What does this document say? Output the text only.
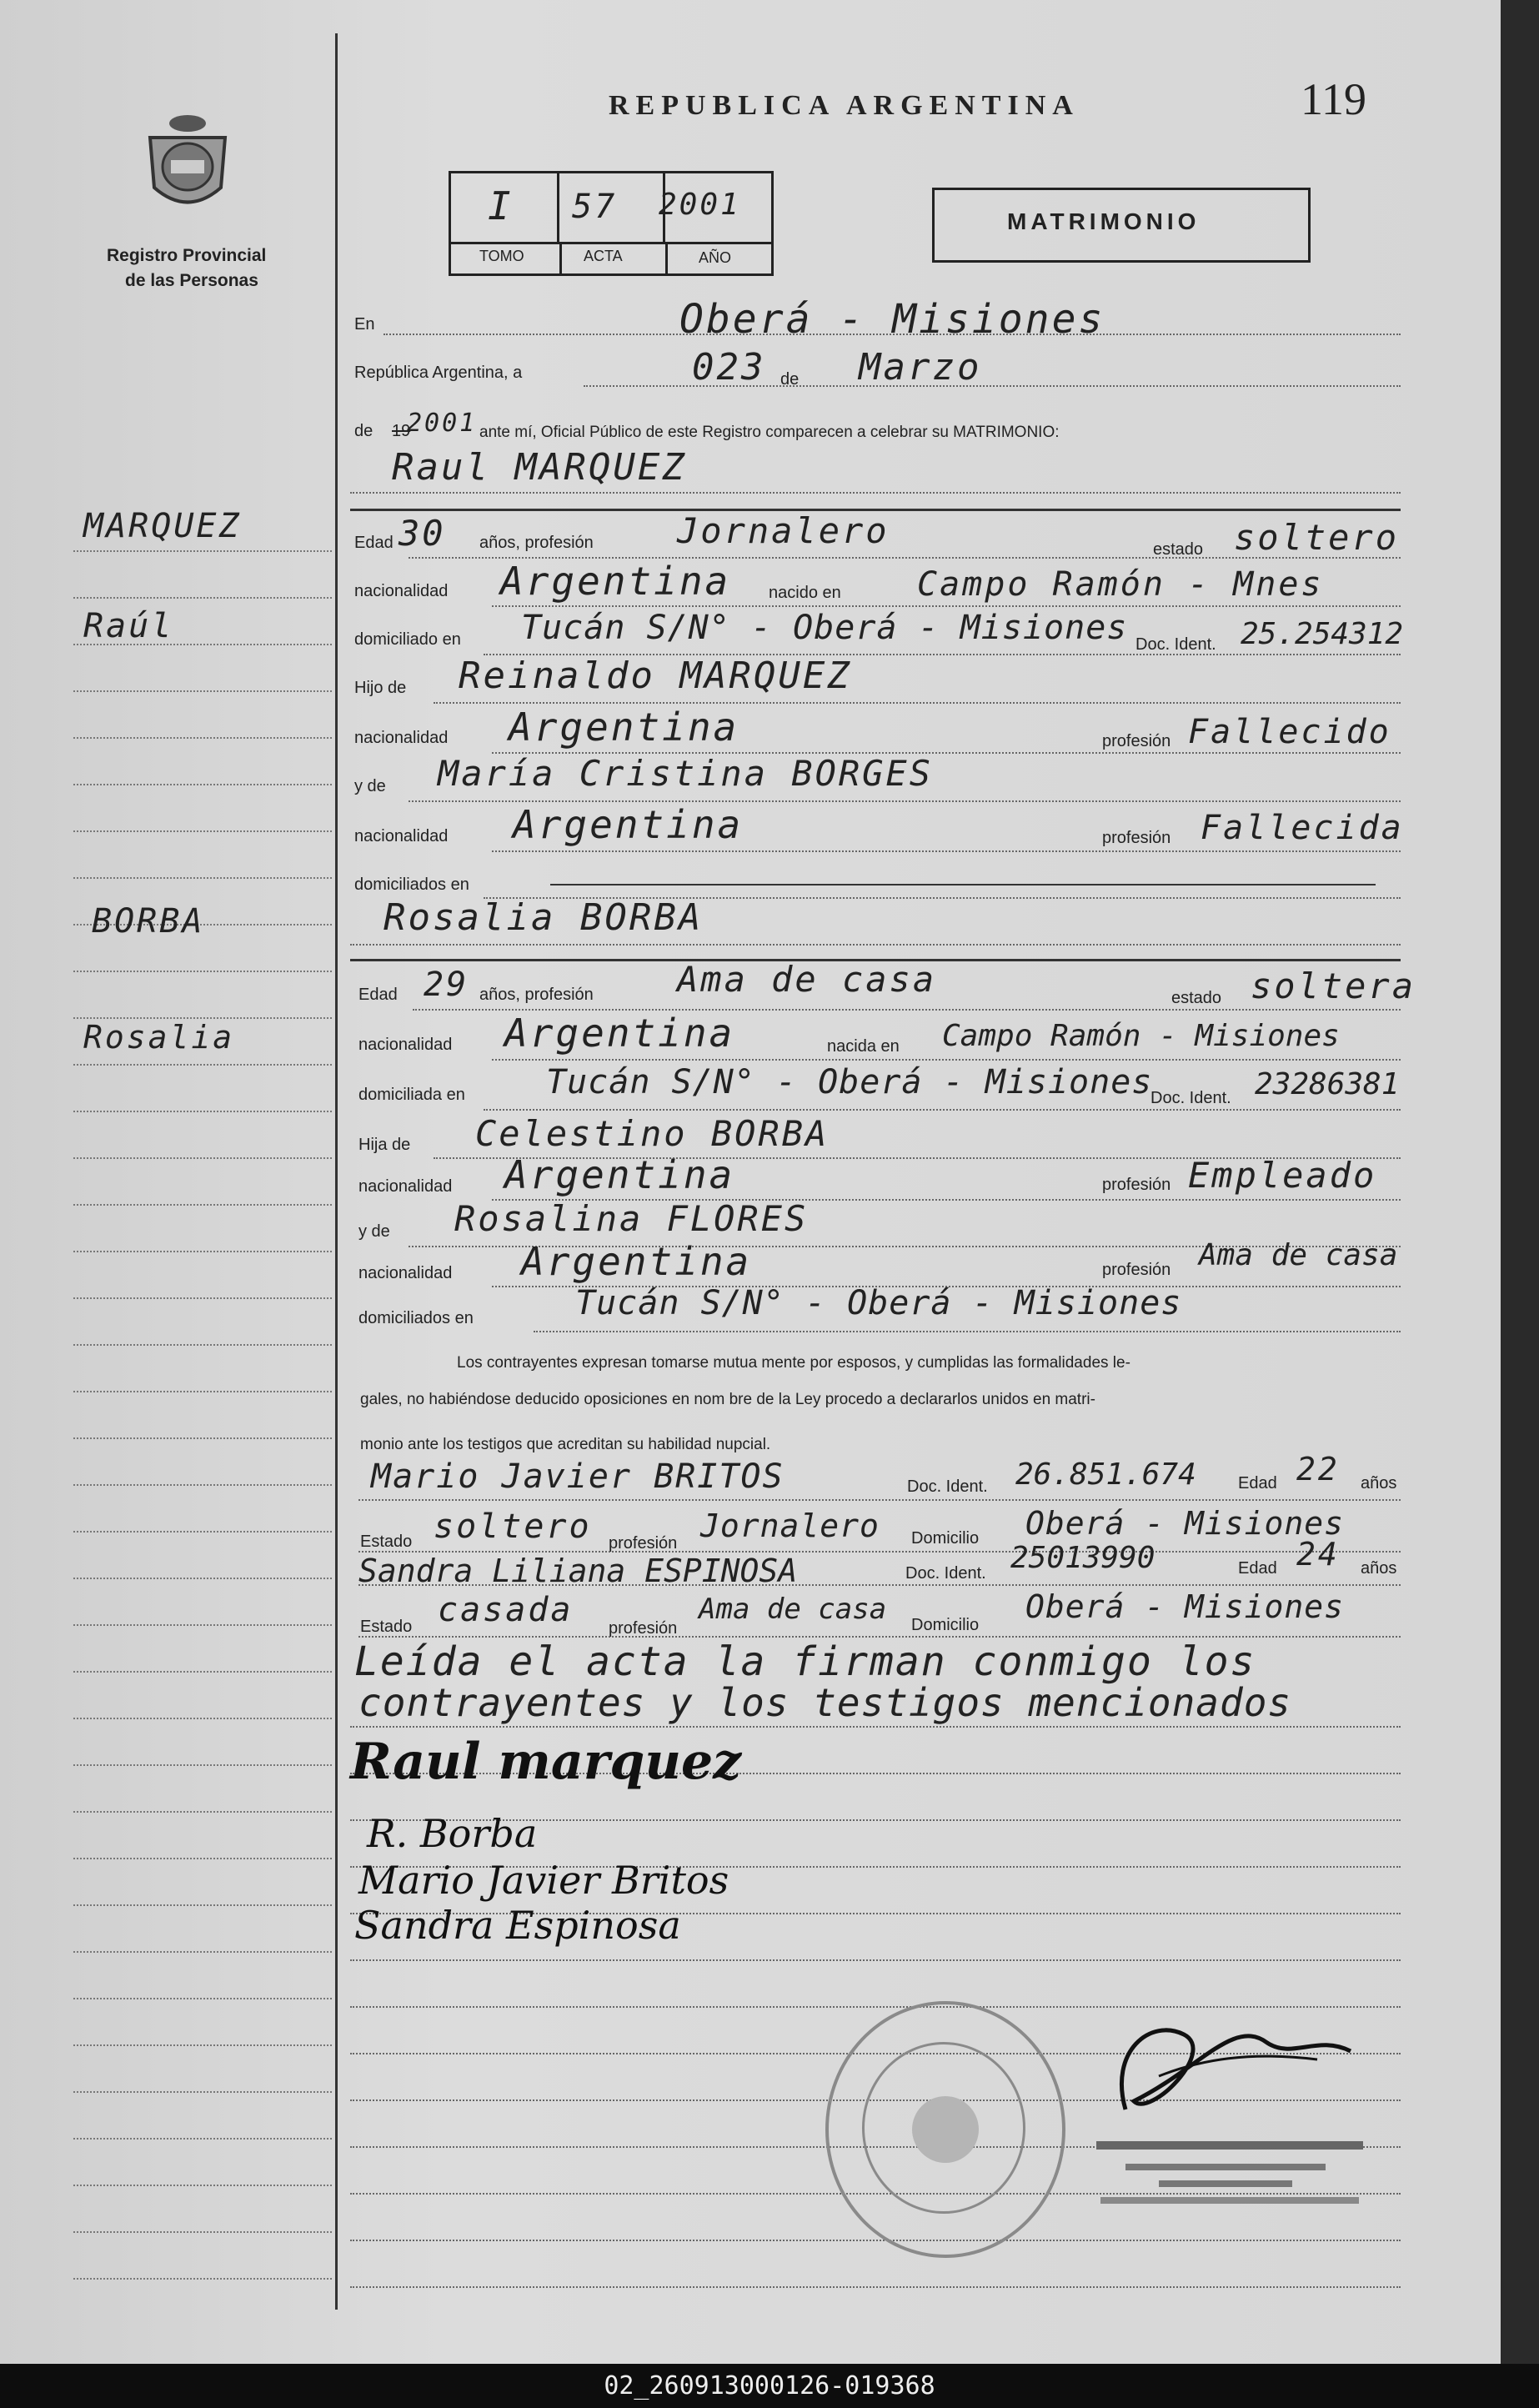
Registro Provincial
de las Personas
REPUBLICA ARGENTINA	119
I 57 2001
TOMO	ACTA	AÑO
MATRIMONIO
En	Oberá - Misiones
República Argentina, a	023 de Marzo
de 19
2001 ante mí, Oficial Público de este Registro comparecen a celebrar su MATRIMONIO:
Raul MARQUEZ
MARQUEZ
Raúl
BORBA
Rosalia
Edad 30 años, profesión Jornalero	estado soltero
nacionalidad Argentina nacido en Campo Ramón - Mnes
domiciliado en Tucán S/N° - Oberá - Misiones Doc. Ident. 25.254312
Hijo de Reinaldo MARQUEZ
nacionalidad Argentina	profesión Fallecido
y de María Cristina BORGES
nacionalidad Argentina	profesión Fallecida
domiciliados en
Rosalia BORBA
Edad 29 años, profesión Ama de casa	estado soltera
nacionalidad Argentina	nacida en Campo Ramón - Misiones
domiciliada en Tucán S/N° - Oberá - Misiones
Doc. Ident. 23286381
Hija de Celestino BORBA
nacionalidad Argentina	profesión Empleado
y de Rosalina FLORES
nacionalidad Argentina	profesión Ama de casa
domiciliados en	Tucán S/N° - Oberá - Misiones
Los contrayentes expresan tomarse mutua mente por esposos, y cumplidas las formalidades le-
gales, no habiéndose deducido oposiciones en nom bre de la Ley procedo a declararlos unidos en matri-
monio ante los testigos que acreditan su habilidad nupcial.
Mario Javier BRITOS	Doc. Ident. 26.851.674	Edad 22 años
Estado soltero profesión Jornalero Domicilio Oberá - Misiones
Sandra Liliana ESPINOSA	Doc. Ident. 25013990	Edad 24 años
Estado casada profesión
Ama de casa Domicilio Oberá - Misiones
Leída el acta la firman conmigo los
contrayentes y los testigos mencionados
Raul marquez
R. Borba
Mario Javier Britos
Sandra Espinosa
02_260913000126-019368
